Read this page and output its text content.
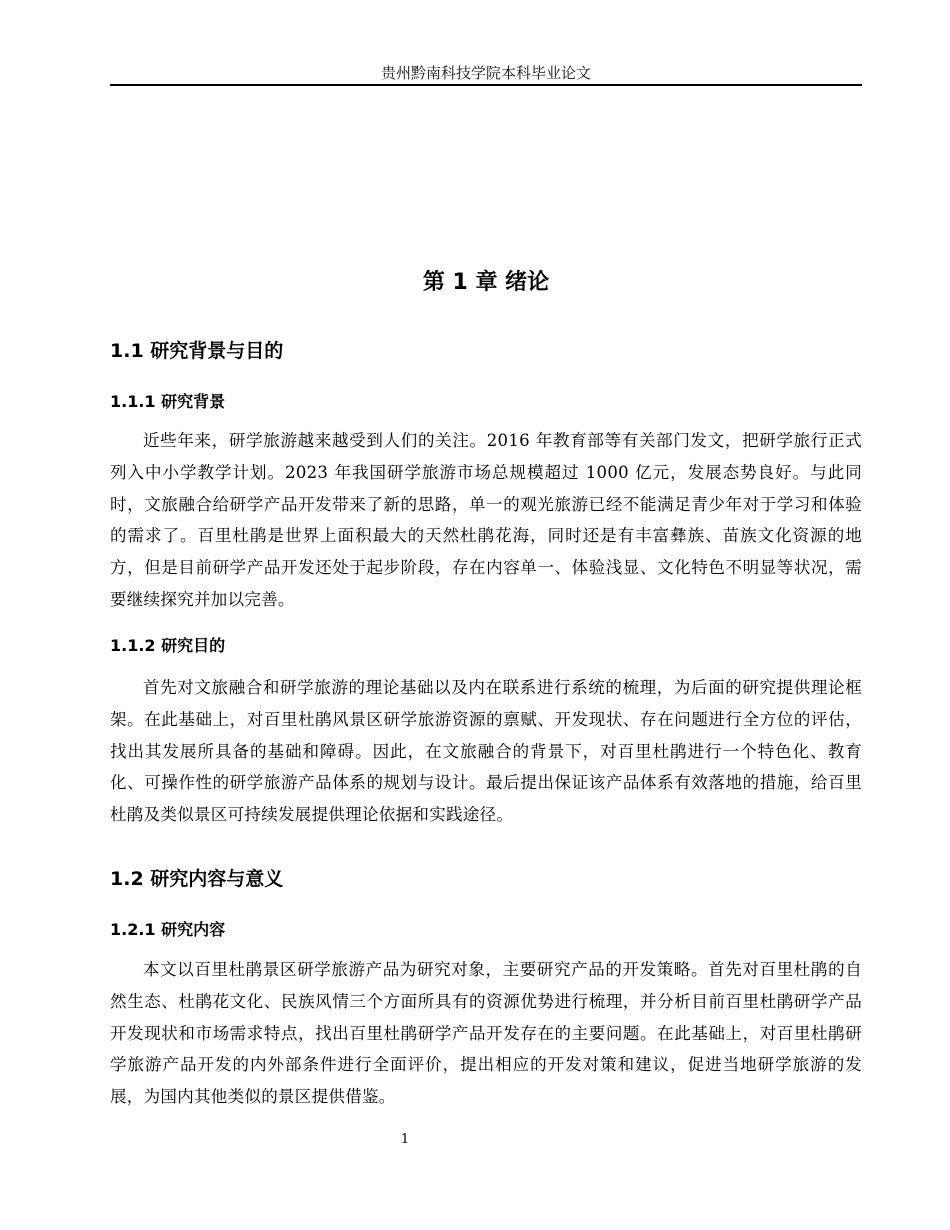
贵州黔南科技学院本科毕业论文
第 1 章 绪论
1.1 研究背景与目的
1.1.1 研究背景

近些年来，研学旅游越来越受到人们的关注。2016 年教育部等有关部门发文，把研学旅行正式列入中小学教学计划。2023 年我国研学旅游市场总规模超过 1000 亿元，发展态势良好。与此同时，文旅融合给研学产品开发带来了新的思路，单一的观光旅游已经不能满足青少年对于学习和体验的需求了。百里杜鹃是世界上面积最大的天然杜鹃花海，同时还是有丰富彝族、苗族文化资源的地方，但是目前研学产品开发还处于起步阶段，存在内容单一、体验浅显、文化特色不明显等状况，需要继续探究并加以完善。

1.1.2 研究目的

首先对文旅融合和研学旅游的理论基础以及内在联系进行系统的梳理，为后面的研究提供理论框架。在此基础上，对百里杜鹃风景区研学旅游资源的禀赋、开发现状、存在问题进行全方位的评估，找出其发展所具备的基础和障碍。因此，在文旅融合的背景下，对百里杜鹃进行一个特色化、教育化、可操作性的研学旅游产品体系的规划与设计。最后提出保证该产品体系有效落地的措施，给百里杜鹃及类似景区可持续发展提供理论依据和实践途径。

1.2 研究内容与意义
1.2.1 研究内容

本文以百里杜鹃景区研学旅游产品为研究对象，主要研究产品的开发策略。首先对百里杜鹃的自然生态、杜鹃花文化、民族风情三个方面所具有的资源优势进行梳理，并分析目前百里杜鹃研学产品开发现状和市场需求特点，找出百里杜鹃研学产品开发存在的主要问题。在此基础上，对百里杜鹃研学旅游产品开发的内外部条件进行全面评价，提出相应的开发对策和建议，促进当地研学旅游的发展，为国内其他类似的景区提供借鉴。

1
